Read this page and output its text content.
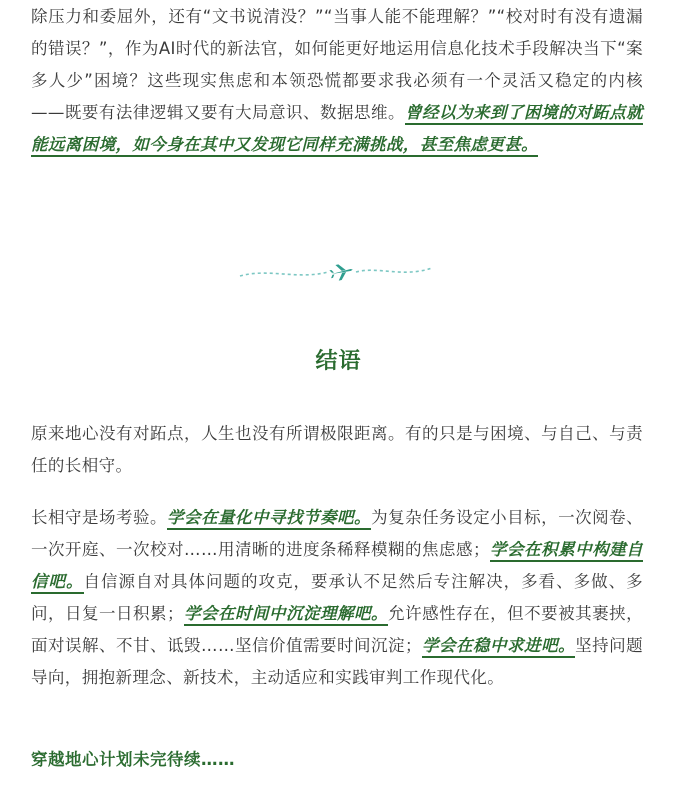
除压力和委屈外，还有“文书说清没？”“当事人能不能理解？”“校对时有没有遗漏的错误？”，作为AI时代的新法官，如何能更好地运用信息化技术手段解决当下“案多人少”困境？这些现实焦虑和本领恐慌都要求我必须有一个灵活又稳定的内核——既要有法律逻辑又要有大局意识、数据思维。曾经以为来到了困境的对跖点就能远离困境，如今身在其中又发现它同样充满挑战，甚至焦虑更甚。

结语

原来地心没有对跖点，人生也没有所谓极限距离。有的只是与困境、与自己、与责任的长相守。

长相守是场考验。学会在量化中寻找节奏吧。为复杂任务设定小目标，一次阅卷、一次开庭、一次校对……用清晰的进度条稀释模糊的焦虑感；学会在积累中构建自信吧。自信源自对具体问题的攻克，要承认不足然后专注解决，多看、多做、多问，日复一日积累；学会在时间中沉淀理解吧。允许感性存在，但不要被其裹挟，面对误解、不甘、诋毁……坚信价值需要时间沉淀；学会在稳中求进吧。坚持问题导向，拥抱新理念、新技术，主动适应和实践审判工作现代化。

穿越地心计划未完待续……
